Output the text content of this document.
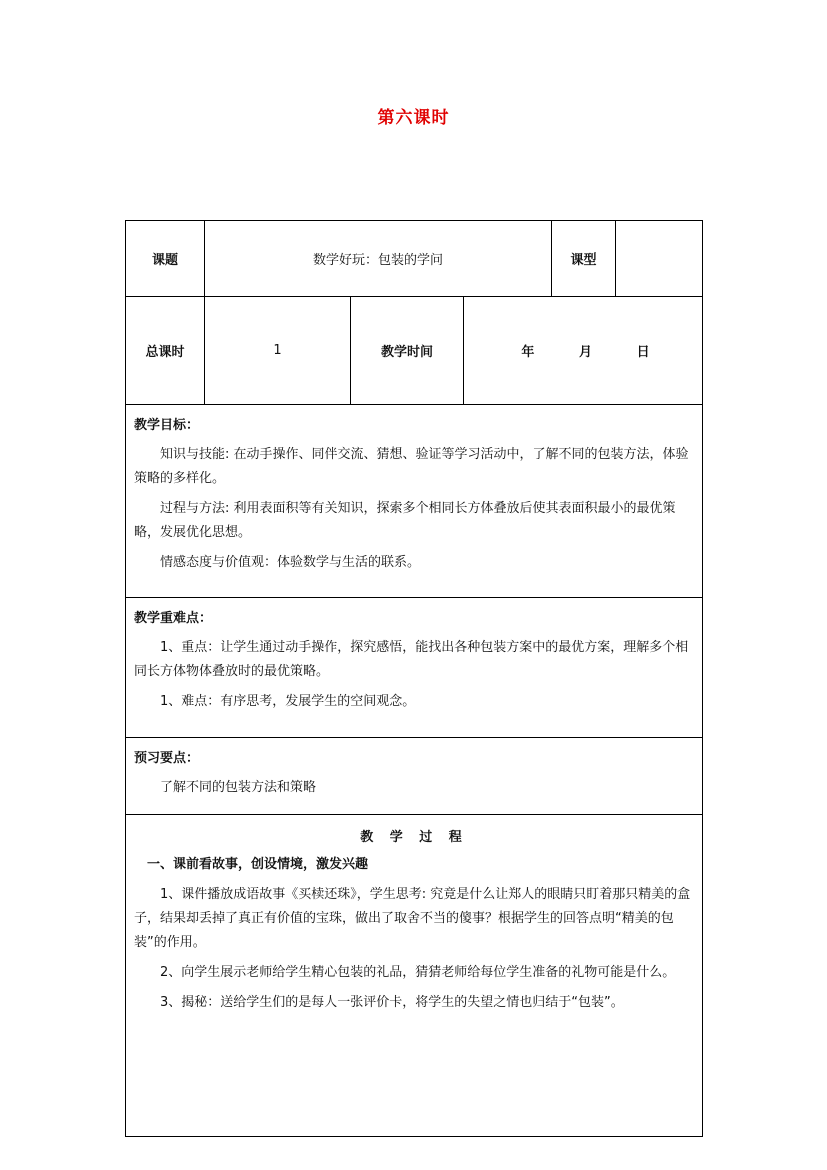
第六课时
课题	数学好玩：包装的学问			课型	
总课时	1	教学时间	年 月 日		

教学目标：

知识与技能: 在动手操作、同伴交流、猜想、验证等学习活动中，了解不同的包装方法，体验策略的多样化。

过程与方法: 利用表面积等有关知识，探索多个相同长方体叠放后使其表面积最小的最优策略，发展优化思想。

情感态度与价值观：体验数学与生活的联系。					

教学重难点：

1、重点：让学生通过动手操作，探究感悟，能找出各种包装方案中的最优方案，理解多个相同长方体物体叠放时的最优策略。

1、难点：有序思考，发展学生的空间观念。					

预习要点：

了解不同的包装方法和策略					

教 学 过 程

一、课前看故事，创设情境，激发兴趣

1、课件播放成语故事《买椟还珠》，学生思考: 究竟是什么让郑人的眼睛只盯着那只精美的盒子，结果却丢掉了真正有价值的宝珠，做出了取舍不当的傻事？根据学生的回答点明“精美的包装”的作用。

2、向学生展示老师给学生精心包装的礼品，猜猜老师给每位学生准备的礼物可能是什么。

3、揭秘：送给学生们的是每人一张评价卡，将学生的失望之情也归结于“包装”。					
